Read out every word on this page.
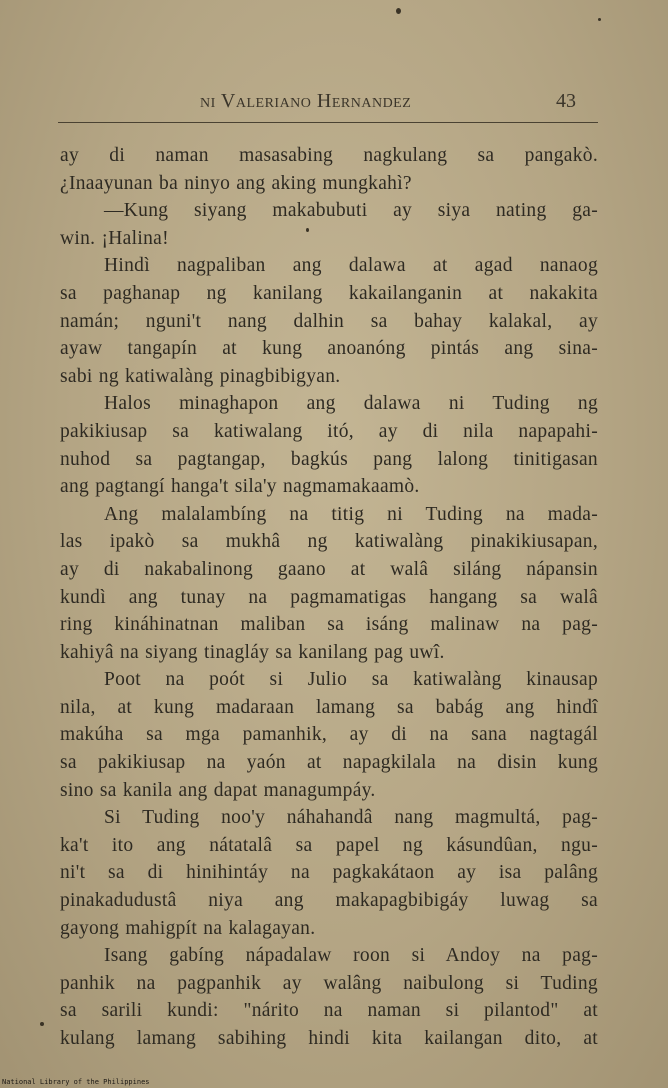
ni Valeriano Hernandez	43
ay di naman masasabing nagkulang sa pangakò.
¿Inaayunan ba ninyo ang aking mungkahì?
—Kung siyang makabubuti ay siya nating ga-
win. ¡Halina!
Hindì nagpaliban ang dalawa at agad nanaog
sa paghanap ng kanilang kakailanganin at nakakita
namán; nguni't nang dalhin sa bahay kalakal, ay
ayaw tangapín at kung anoanóng pintás ang sina-
sabi ng katiwalàng pinagbibigyan.
Halos minaghapon ang dalawa ni Tuding ng
pakikiusap sa katiwalang itó, ay di nila napapahi-
nuhod sa pagtangap, bagkús pang lalong tinitigasan
ang pagtangí hanga't sila'y nagmamakaamò.
Ang malalambíng na titig ni Tuding na mada-
las ipakò sa mukhâ ng katiwalàng pinakikiusapan,
ay di nakabalinong gaano at walâ siláng nápansin
kundì ang tunay na pagmamatigas hangang sa walâ
ring kináhinatnan maliban sa isáng malinaw na pag-
kahiyâ na siyang tinagláy sa kanilang pag uwî.
Poot na poót si Julio sa katiwalàng kinausap
nila, at kung madaraan lamang sa babág ang hindî
makúha sa mga pamanhik, ay di na sana nagtagál
sa pakikiusap na yaón at napagkilala na disin kung
sino sa kanila ang dapat managumpáy.
Si Tuding noo'y náhahandâ nang magmultá, pag-
ka't ito ang nátatalâ sa papel ng kásundûan, ngu-
ni't sa di hinihintáy na pagkakátaon ay isa palâng
pinakadudustâ niya ang makapagbibigáy luwag sa
gayong mahigpít na kalagayan.
Isang gabíng nápadalaw roon si Andoy na pag-
panhik na pagpanhik ay walâng naibulong si Tuding
sa sarili kundi: "nárito na naman si pilantod" at
kulang lamang sabihing hindi kita kailangan dito, at
National Library of the Philippines
